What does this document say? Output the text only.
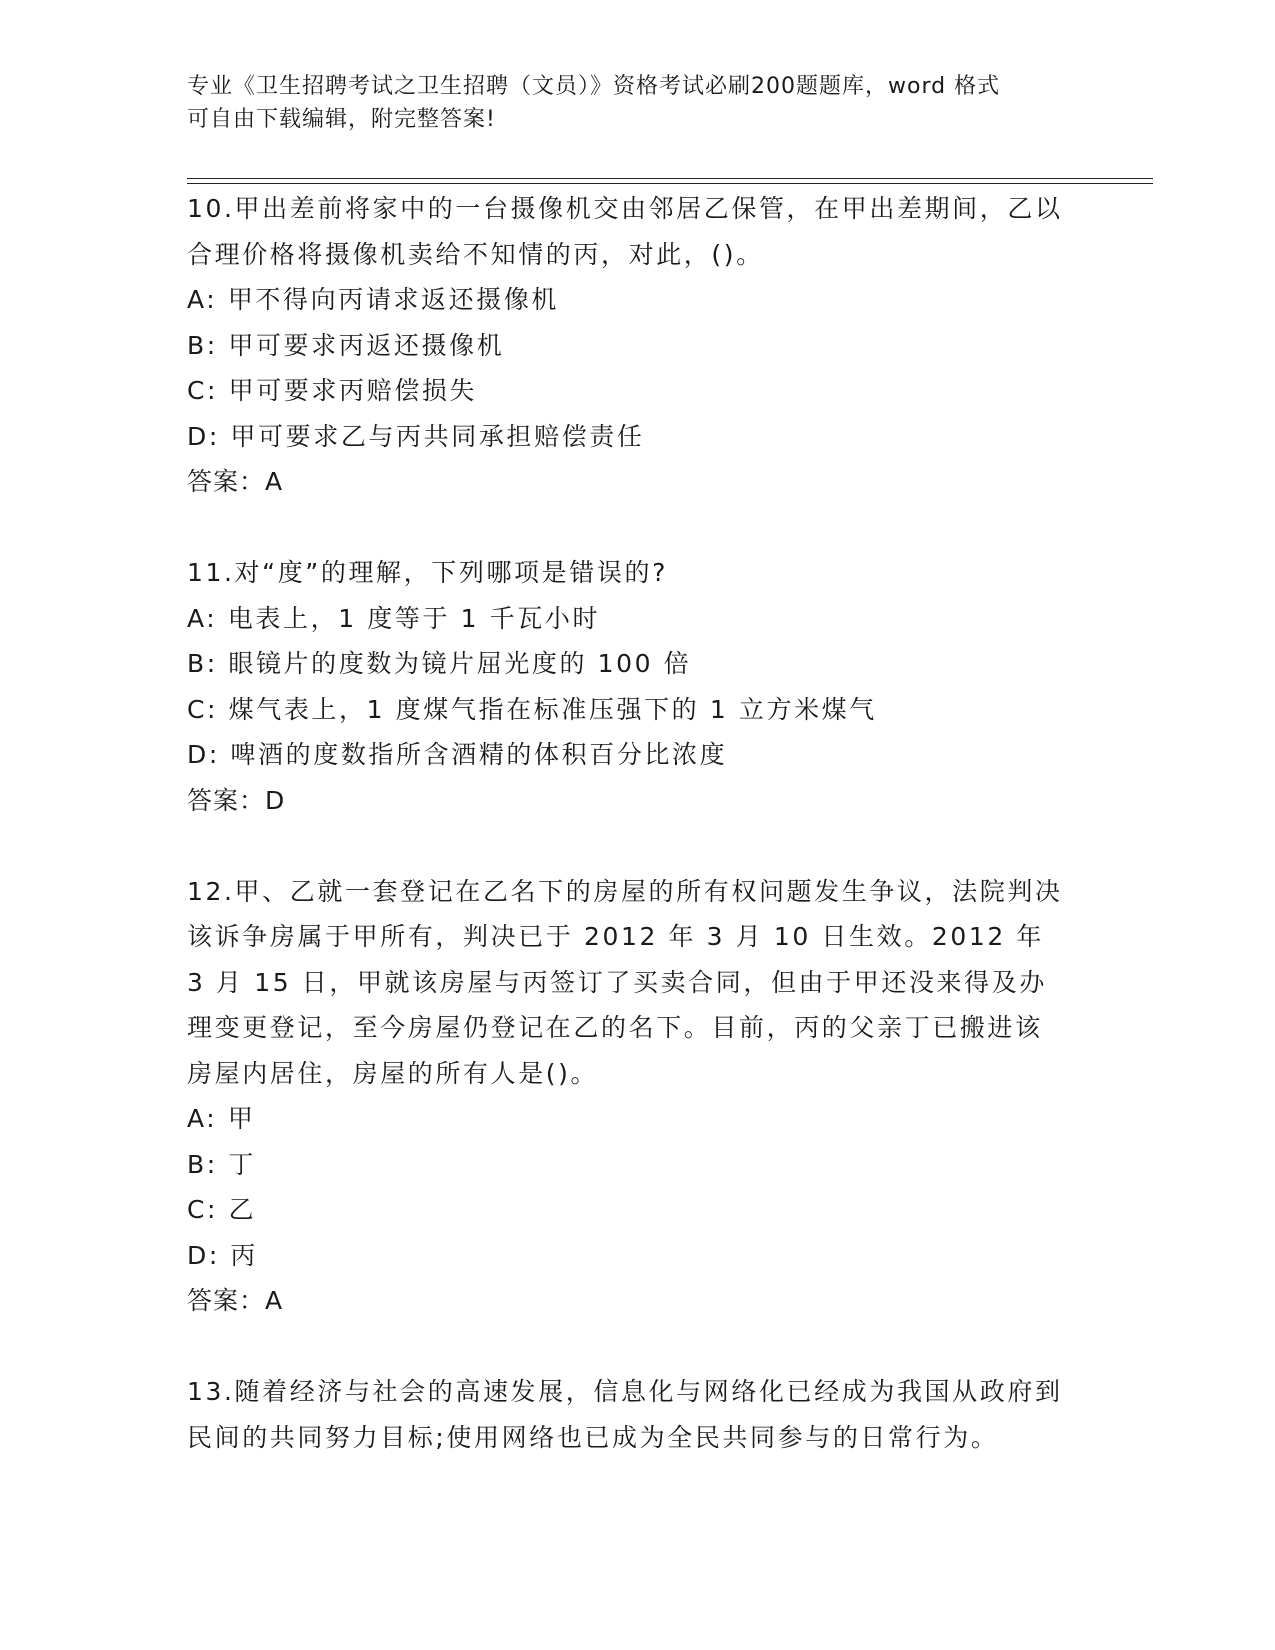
专业《卫生招聘考试之卫生招聘（文员）》资格考试必刷200题题库，word 格式
可自由下载编辑，附完整答案!

10.甲出差前将家中的一台摄像机交由邻居乙保管，在甲出差期间，乙以合理价格将摄像机卖给不知情的丙，对此，()。

A: 甲不得向丙请求返还摄像机

B: 甲可要求丙返还摄像机

C: 甲可要求丙赔偿损失

D: 甲可要求乙与丙共同承担赔偿责任

答案：A

11.对“度”的理解，下列哪项是错误的?

A: 电表上，1 度等于 1 千瓦小时

B: 眼镜片的度数为镜片屈光度的 100 倍

C: 煤气表上，1 度煤气指在标准压强下的 1 立方米煤气

D: 啤酒的度数指所含酒精的体积百分比浓度

答案：D

12.甲、乙就一套登记在乙名下的房屋的所有权问题发生争议，法院判决该诉争房属于甲所有，判决已于 2012 年 3 月 10 日生效。2012 年 3 月 15 日，甲就该房屋与丙签订了买卖合同，但由于甲还没来得及办理变更登记，至今房屋仍登记在乙的名下。目前，丙的父亲丁已搬进该房屋内居住，房屋的所有人是()。

A: 甲

B: 丁

C: 乙

D: 丙

答案：A

13.随着经济与社会的高速发展，信息化与网络化已经成为我国从政府到民间的共同努力目标;使用网络也已成为全民共同参与的日常行为。
